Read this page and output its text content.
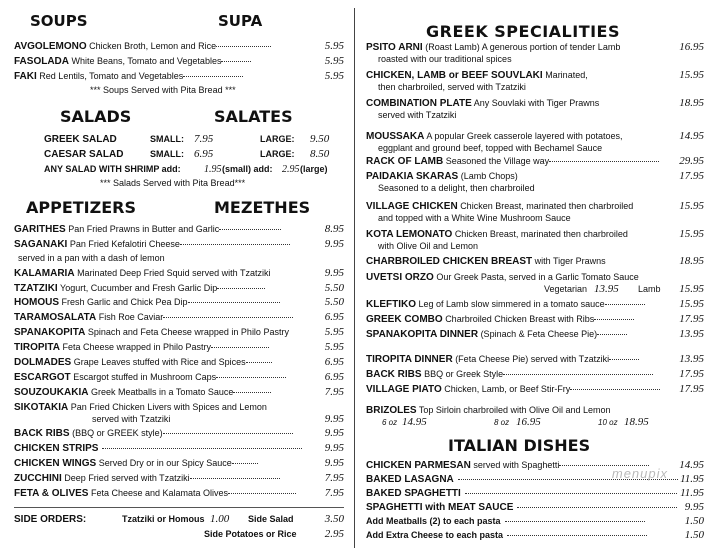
SOUPS	SUPA
AVGOLEMONO Chicken Broth, Lemon and Rice	5.95
FASOLADA White Beans, Tomato and Vegetables	5.95
FAKI Red Lentils, Tomato and Vegetables	5.95
*** Soups Served with Pita Bread ***
SALADS	SALATES
GREEK SALAD	SMALL: 7.95	LARGE: 9.50
CAESAR SALAD	SMALL: 6.95	LARGE: 8.50
ANY SALAD WITH SHRIMP add: 1.95 (small) add: 2.95 (large)
*** Salads Served with Pita Bread***
APPETIZERS	MEZETHES
GARITHES Pan Fried Prawns in Butter and Garlic	8.95
SAGANAKI Pan Fried Kefalotiri Cheese	9.95
served in a pan with a dash of lemon
KALAMARIA Marinated Deep Fried Squid served with Tzatziki	9.95
TZATZIKI Yogurt, Cucumber and Fresh Garlic Dip	5.50
HOMOUS Fresh Garlic and Chick Pea Dip	5.50
TARAMOSALATA Fish Roe Caviar	6.95
SPANAKOPITA Spinach and Feta Cheese wrapped in Philo Pastry	5.95
TIROPITA Feta Cheese wrapped in Philo Pastry	5.95
DOLMADES Grape Leaves stuffed with Rice and Spices	6.95
ESCARGOT Escargot stuffed in Mushroom Caps	6.95
SOUZOUKAKIA Greek Meatballs in a Tomato Sauce	7.95
SIKOTAKIA Pan Fried Chicken Livers with Spices and Lemon
served with Tzatziki	9.95
BACK RIBS (BBQ or GREEK style)	9.95
CHICKEN STRIPS	9.95
CHICKEN WINGS Served Dry or in our Spicy Sauce	9.95
ZUCCHINI Deep Fried served with Tzatziki	7.95
FETA & OLIVES Feta Cheese and Kalamata Olives	7.95
SIDE ORDERS:	Tzatziki or Homous 1.00 Side Salad	3.50
Side Potatoes or Rice	2.95
GREEK SPECIALITIES
PSITO ARNI (Roast Lamb) A generous portion of tender Lamb	16.95
roasted with our traditional spices
CHICKEN, LAMB or BEEF SOUVLAKI Marinated,	15.95
then charbroiled, served with Tzatziki
COMBINATION PLATE Any Souvlaki with Tiger Prawns	18.95
served with Tzatziki
MOUSSAKA A popular Greek casserole layered with potatoes,	14.95
eggplant and ground beef, topped with Bechamel Sauce
RACK OF LAMB Seasoned the Village way	29.95
PAIDAKIA SKARAS (Lamb Chops)	17.95
Seasoned to a delight, then charbroiled
VILLAGE CHICKEN Chicken Breast, marinated then charbroiled	15.95
and topped with a White Wine Mushroom Sauce
KOTA LEMONATO Chicken Breast, marinated then charbroiled	15.95
with Olive Oil and Lemon
CHARBROILED CHICKEN BREAST with Tiger Prawns	18.95
UVETSI ORZO Our Greek Pasta, served in a Garlic Tomato Sauce
Vegetarian 13.95 Lamb 15.95
KLEFTIKO Leg of Lamb slow simmered in a tomato sauce	15.95
GREEK COMBO Charbroiled Chicken Breast with Ribs	17.95
SPANAKOPITA DINNER (Spinach & Feta Cheese Pie)	13.95
TIROPITA DINNER (Feta Cheese Pie) served with Tzatziki	13.95
BACK RIBS BBQ or Greek Style	17.95
VILLAGE PIATO Chicken, Lamb, or Beef Stir-Fry	17.95
BRIZOLES Top Sirloin charbroiled with Olive Oil and Lemon
6 oz 14.95	8 oz 16.95	10 oz 18.95
ITALIAN DISHES
CHICKEN PARMESAN served with Spaghetti	14.95
BAKED LASAGNA	11.95
BAKED SPAGHETTI	11.95
SPAGHETTI with MEAT SAUCE	9.95
Add Meatballs (2) to each pasta	1.50
Add Extra Cheese to each pasta	1.50
menupix
